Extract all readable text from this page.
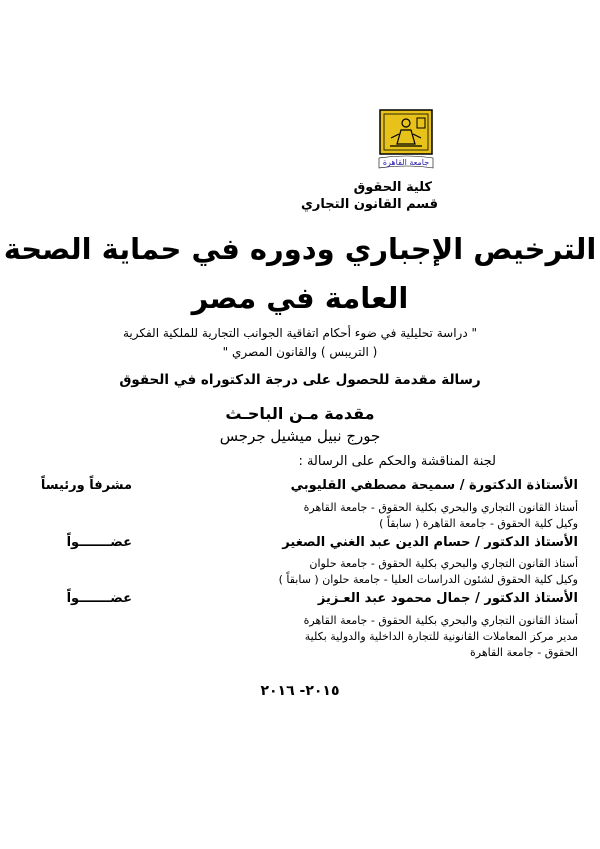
جامعة القاهرة
كلية الحقوق
قسم القانون التجاري
الترخيص الإجباري ودوره في حماية الصحة
العامة في مصر
" دراسة تحليلية في ضوء أحكام اتفاقية الجوانب التجارية للملكية الفكرية
( التريبس ) والقانون المصري "
رسالة مقدمة للحصول على درجة الدكتوراه في الحقوق
مقدمة مـن الباحـث
جورج نبيل ميشيل جرجس
لجنة المناقشة والحكم على الرسالة :
الأستاذة الدكتورة / سميحة مصطفي القليوبي
مشرفاً ورئيساً
أستاذ القانون التجاري والبحري بكلية الحقوق - جامعة القاهرة
وكيل كلية الحقوق - جامعة القاهرة ( سابقاً )
الأستاذ الدكتور / حسام الدين عبد الغني الصغير
عضـــــــواً
أستاذ القانون التجاري والبحري بكلية الحقوق - جامعة حلوان
وكيل كلية الحقوق لشئون الدراسات العليا - جامعة حلوان ( سابقاً )
الأستاذ الدكتور / جمال محمود عبد العـزيز
عضـــــــواً
أستاذ القانون التجاري والبحري بكلية الحقوق - جامعة القاهرة
مدير مركز المعاملات القانونية للتجارة الداخلية والدولية بكلية
الحقوق - جامعة القاهرة
٢٠١٥- ٢٠١٦
